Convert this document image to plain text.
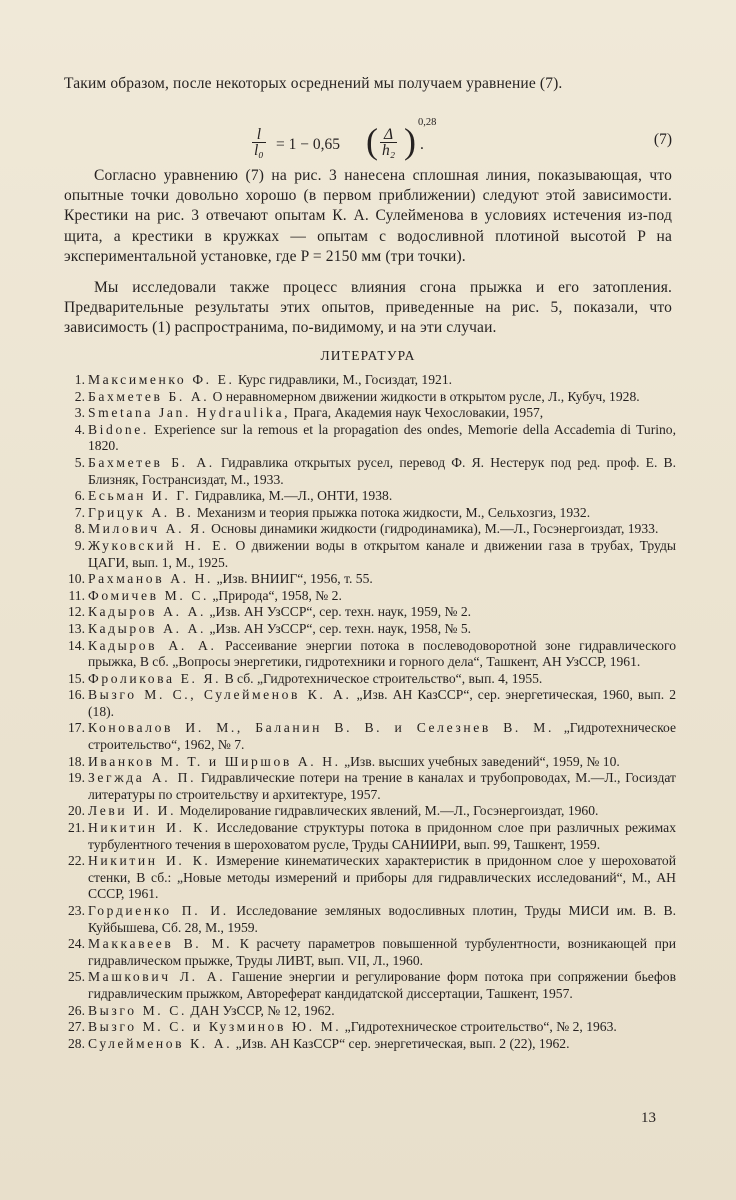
Таким образом, после некоторых осреднений мы получаем уравнение (7).
$\frac{l}{\text{l₀}} = 1 - 0,65$ ( $\frac{\Delta}{\text{h₂}}$ ) 0,28
.	(7)
Согласно уравнению (7) на рис. 3 нанесена сплошная линия, показывающая, что опытные точки довольно хорошо (в первом приближении) следуют этой зависимости. Крестики на рис. 3 отвечают опытам К. А. Сулейменова в условиях истечения из-под щита, а крестики в кружках — опытам с водосливной плотиной высотой P на экспериментальной установке, где P = 2150 мм (три точки).
Мы исследовали также процесс влияния сгона прыжка и его затопления. Предварительные результаты этих опытов, приведенные на рис. 5, показали, что зависимость (1) распространима, по-видимому, и на эти случаи.
ЛИТЕРАТУРА
1. Максименко Ф. Е. Курс гидравлики, М., Госиздат, 1921.
2. Бахметев Б. А. О неравномерном движении жидкости в открытом русле, Л., Кубуч, 1928.
3. Smetana Jan. Hydraulika, Прага, Академия наук Чехословакии, 1957,
4. Bidone. Experience sur la remous et la propagation des ondes, Memorie della Accademia di Turino, 1820.
5. Бахметев Б. А. Гидравлика открытых русел, перевод Ф. Я. Нестерук под ред. проф. Е. В. Близняк, Гострансиздат, М., 1933.
6. Есьман И. Г. Гидравлика, М.—Л., ОНТИ, 1938.
7. Грицук А. В. Механизм и теория прыжка потока жидкости, М., Сельхозгиз, 1932.
8. Милович А. Я. Основы динамики жидкости (гидродинамика), М.—Л., Госэнергоиздат, 1933.
9. Жуковский Н. Е. О движении воды в открытом канале и движении газа в трубах, Труды ЦАГИ, вып. 1, М., 1925.
10. Рахманов А. Н. „Изв. ВНИИГ“, 1956, т. 55.
11. Фомичев М. С. „Природа“, 1958, № 2.
12. Кадыров А. А. „Изв. АН УзССР“, сер. техн. наук, 1959, № 2.
13. Кадыров А. А. „Изв. АН УзССР“, сер. техн. наук, 1958, № 5.
14. Кадыров А. А. Рассеивание энергии потока в послеводоворотной зоне гидравлического прыжка, В сб. „Вопросы энергетики, гидротехники и горного дела“, Ташкент, АН УзССР, 1961.
15. Фроликова Е. Я. В сб. „Гидротехническое строительство“, вып. 4, 1955.
16. Вызго М. С., Сулейменов К. А. „Изв. АН КазССР“, сер. энергетическая, 1960, вып. 2 (18).
17. Коновалов И. М., Баланин В. В. и Селезнев В. М. „Гидротехническое строительство“, 1962, № 7.
18. Иванков М. Т. и Ширшов А. Н. „Изв. высших учебных заведений“, 1959, № 10.
19. Зегжда А. П. Гидравлические потери на трение в каналах и трубопроводах, М.—Л., Госиздат литературы по строительству и архитектуре, 1957.
20. Леви И. И. Моделирование гидравлических явлений, М.—Л., Госэнергоиздат, 1960.
21. Никитин И. К. Исследование структуры потока в придонном слое при различных режимах турбулентного течения в шероховатом русле, Труды САНИИРИ, вып. 99, Ташкент, 1959.
22. Никитин И. К. Измерение кинематических характеристик в придонном слое у шероховатой стенки, В сб.: „Новые методы измерений и приборы для гидравлических исследований“, М., АН СССР, 1961.
23. Гордиенко П. И. Исследование земляных водосливных плотин, Труды МИСИ им. В. В. Куйбышева, Сб. 28, М., 1959.
24. Маккавеев В. М. К расчету параметров повышенной турбулентности, возникающей при гидравлическом прыжке, Труды ЛИВТ, вып. VII, Л., 1960.
25. Машкович Л. А. Гашение энергии и регулирование форм потока при сопряжении бьефов гидравлическим прыжком, Автореферат кандидатской диссертации, Ташкент, 1957.
26. Вызго М. С. ДАН УзССР, № 12, 1962.
27. Вызго М. С. и Кузминов Ю. М. „Гидротехническое строительство“, № 2, 1963.
28. Сулейменов К. А. „Изв. АН КазССР“ сер. энергетическая, вып. 2 (22), 1962.
13
